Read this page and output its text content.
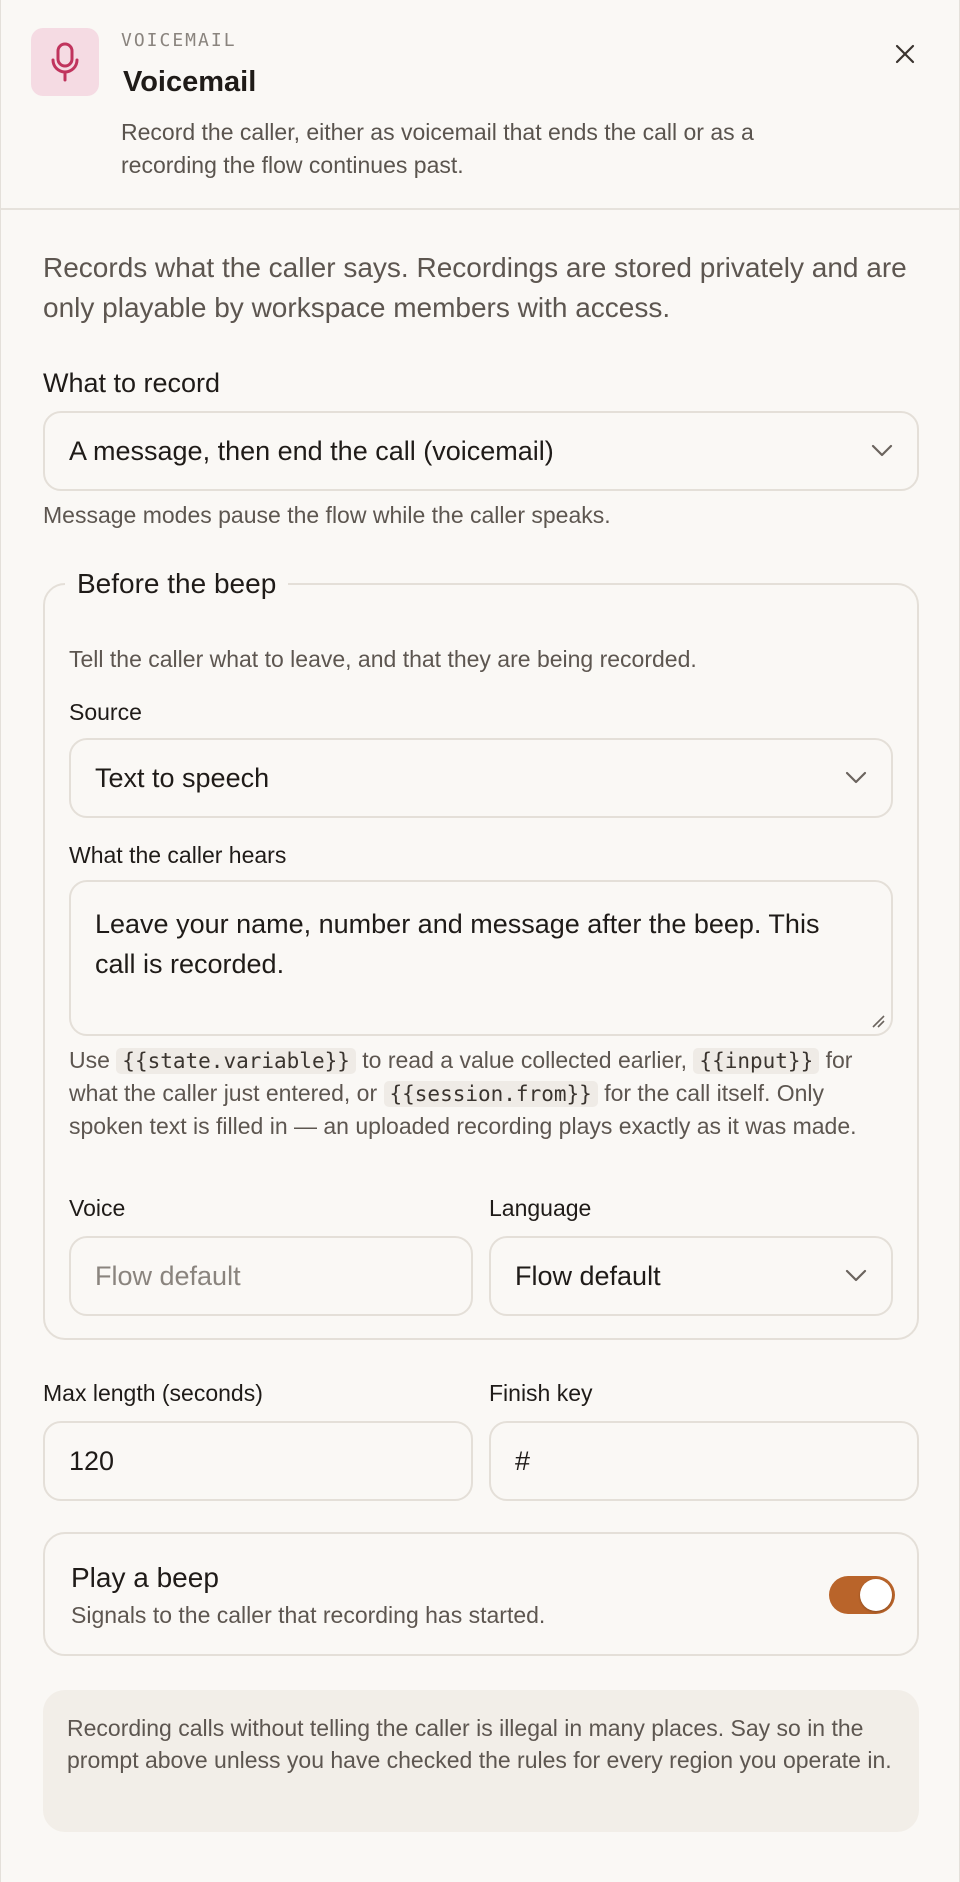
VOICEMAIL
Voicemail
Record the caller, either as voicemail that ends the call or as a recording the flow continues past.
Records what the caller says. Recordings are stored privately and are only playable by workspace members with access.
What to record
A message, then end the call (voicemail)
Message modes pause the flow while the caller speaks.
Before the beep
Tell the caller what to leave, and that they are being recorded.
Source
Text to speech
What the caller hears
Leave your name, number and message after the beep. This call is recorded.
Use {{state.variable}} to read a value collected earlier, {{input}} for what the caller just entered, or {{session.from}} for the call itself. Only spoken text is filled in — an uploaded recording plays exactly as it was made.
Voice
Flow default
Language
Flow default
Max length (seconds)
120
Finish key
#
Play a beep
Signals to the caller that recording has started.
Recording calls without telling the caller is illegal in many places. Say so in the prompt above unless you have checked the rules for every region you operate in.
